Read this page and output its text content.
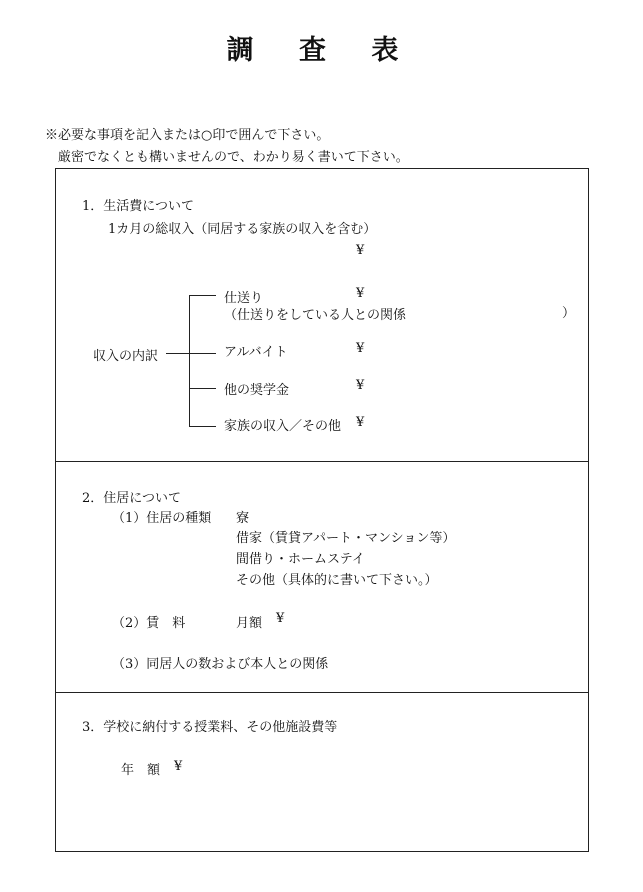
調 査 表
※必要な事項を記入または○印で囲んで下さい。
厳密でなくとも構いませんので、わかり易く書いて下さい。
1．生活費について
1カ月の総収入（同居する家族の収入を含む）
¥
収入の内訳
仕送り	¥
（仕送りをしている人との関係	）
アルバイト	¥
他の奨学金	¥
家族の収入／その他 ¥
2．住居について
（1）住居の種類 寮
借家（賃貸アパート・マンション等）
間借り・ホームステイ
その他（具体的に書いて下さい。）
（2）賃　料	月額 ¥
（3）同居人の数および本人との関係
3．学校に納付する授業料、その他施設費等
年　額 ¥
